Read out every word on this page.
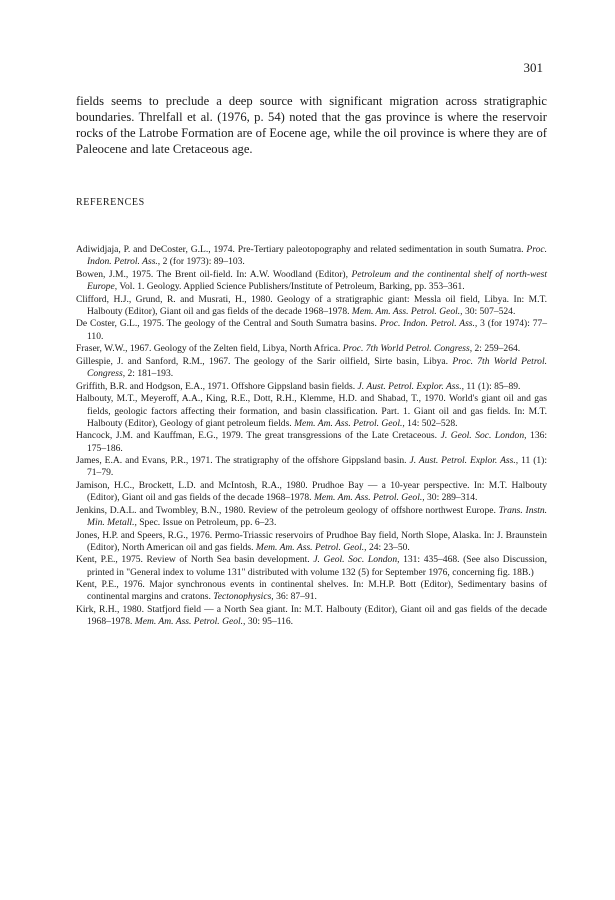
301

fields seems to preclude a deep source with significant migration across stratigraphic boundaries. Threlfall et al. (1976, p. 54) noted that the gas province is where the reservoir rocks of the Latrobe Formation are of Eocene age, while the oil province is where they are of Paleocene and late Cretaceous age.

REFERENCES
Adiwidjaja, P. and DeCoster, G.L., 1974. Pre-Tertiary paleotopography and related sedimentation in south Sumatra. Proc. Indon. Petrol. Ass., 2 (for 1973): 89–103.
Bowen, J.M., 1975. The Brent oil-field. In: A.W. Woodland (Editor), Petroleum and the continental shelf of north-west Europe, Vol. 1. Geology. Applied Science Publishers/Institute of Petroleum, Barking, pp. 353–361.
Clifford, H.J., Grund, R. and Musrati, H., 1980. Geology of a stratigraphic giant: Messla oil field, Libya. In: M.T. Halbouty (Editor), Giant oil and gas fields of the decade 1968–1978. Mem. Am. Ass. Petrol. Geol., 30: 507–524.
De Coster, G.L., 1975. The geology of the Central and South Sumatra basins. Proc. Indon. Petrol. Ass., 3 (for 1974): 77–110.
Fraser, W.W., 1967. Geology of the Zelten field, Libya, North Africa. Proc. 7th World Petrol. Congress, 2: 259–264.
Gillespie, J. and Sanford, R.M., 1967. The geology of the Sarir oilfield, Sirte basin, Libya. Proc. 7th World Petrol. Congress, 2: 181–193.
Griffith, B.R. and Hodgson, E.A., 1971. Offshore Gippsland basin fields. J. Aust. Petrol. Explor. Ass., 11 (1): 85–89.
Halbouty, M.T., Meyeroff, A.A., King, R.E., Dott, R.H., Klemme, H.D. and Shabad, T., 1970. World's giant oil and gas fields, geologic factors affecting their formation, and basin classification. Part. 1. Giant oil and gas fields. In: M.T. Halbouty (Editor), Geology of giant petroleum fields. Mem. Am. Ass. Petrol. Geol., 14: 502–528.
Hancock, J.M. and Kauffman, E.G., 1979. The great transgressions of the Late Cretaceous. J. Geol. Soc. London, 136: 175–186.
James, E.A. and Evans, P.R., 1971. The stratigraphy of the offshore Gippsland basin. J. Aust. Petrol. Explor. Ass., 11 (1): 71–79.
Jamison, H.C., Brockett, L.D. and McIntosh, R.A., 1980. Prudhoe Bay — a 10-year perspective. In: M.T. Halbouty (Editor), Giant oil and gas fields of the decade 1968–1978. Mem. Am. Ass. Petrol. Geol., 30: 289–314.
Jenkins, D.A.L. and Twombley, B.N., 1980. Review of the petroleum geology of offshore northwest Europe. Trans. Instn. Min. Metall., Spec. Issue on Petroleum, pp. 6–23.
Jones, H.P. and Speers, R.G., 1976. Permo-Triassic reservoirs of Prudhoe Bay field, North Slope, Alaska. In: J. Braunstein (Editor), North American oil and gas fields. Mem. Am. Ass. Petrol. Geol., 24: 23–50.
Kent, P.E., 1975. Review of North Sea basin development. J. Geol. Soc. London, 131: 435–468. (See also Discussion, printed in "General index to volume 131" distributed with volume 132 (5) for September 1976, concerning fig. 18B.)
Kent, P.E., 1976. Major synchronous events in continental shelves. In: M.H.P. Bott (Editor), Sedimentary basins of continental margins and cratons. Tectonophysics, 36: 87–91.
Kirk, R.H., 1980. Statfjord field — a North Sea giant. In: M.T. Halbouty (Editor), Giant oil and gas fields of the decade 1968–1978. Mem. Am. Ass. Petrol. Geol., 30: 95–116.
